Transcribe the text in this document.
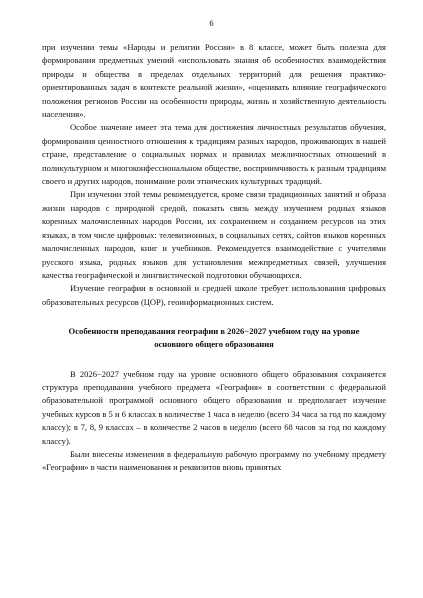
6

при изучении темы «Народы и религии России» в 8 классе, может быть полезна для формирования предметных умений «использовать знания об особенностях взаимодействия природы и общества в пределах отдельных территорий для решения практико-ориентированных задач в контексте реальной жизни», «оценивать влияние географического положения регионов России на особенности природы, жизнь и хозяйственную деятельность населения».

Особое значение имеет эта тема для достижения личностных результатов обучения, формирования ценностного отношения к традициям разных народов, проживающих в нашей стране, представление о социальных нормах и правилах межличностных отношений в поликультурном и многоконфессиональном обществе, восприимчивость к разным традициям своего и других народов, понимание роли этнических культурных традиций.

При изучении этой темы рекомендуется, кроме связи традиционных занятий и образа жизни народов с природной средой, показать связь между изучением родных языков коренных малочисленных народов России, их сохранением и созданием ресурсов на этих языках, в том числе цифровых: телевизионных, в социальных сетях, сайтов языков коренных малочисленных народов, книг и учебников. Рекомендуется взаимодействие с учителями русского языка, родных языков для установления межпредметных связей, улучшения качества географической и лингвистической подготовки обучающихся.

Изучение географии в основной и средней школе требует использования цифровых образовательных ресурсов (ЦОР), геоинформационных систем.

Особенности преподавания географии в 2026−2027 учебном году на уровне основного общего образования

В 2026−2027 учебном году на уровне основного общего образования сохраняется структура преподавания учебного предмета «География» в соответствии с федеральной образовательной программой основного общего образования и предполагает изучение учебных курсов в 5 и 6 классах в количестве 1 часа в неделю (всего 34 часа за год по каждому классу); в 7, 8, 9 классах – в количестве 2 часов в неделю (всего 68 часов за год по каждому классу).

Были внесены изменения в федеральную рабочую программу по учебному предмету «География» в части наименования и реквизитов вновь принятых
